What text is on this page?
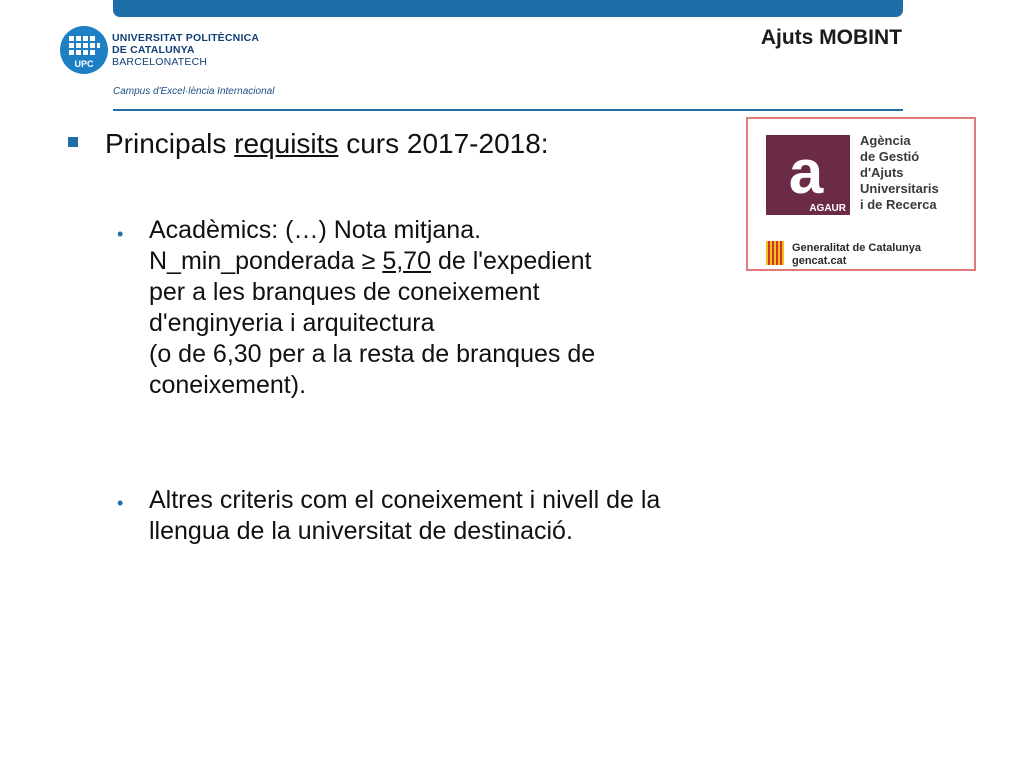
Ajuts MOBINT
UPC
UNIVERSITAT POLITÈCNICA
DE CATALUNYA
BARCELONATECH
Campus d'Excel·lència Internacional
a
AGAUR
Agència
de Gestió
d'Ajuts
Universitaris
i de Recerca
Generalitat de Catalunya
gencat.cat
Principals requisits curs 2017-2018:
• Acadèmics: (…) Nota mitjana.
N_min_ponderada ≥ 5,70 de l'expedient
per a les branques de coneixement
d'enginyeria i arquitectura
(o de 6,30 per a la resta de branques de
coneixement).
• Altres criteris com el coneixement i nivell de la
llengua de la universitat de destinació.
